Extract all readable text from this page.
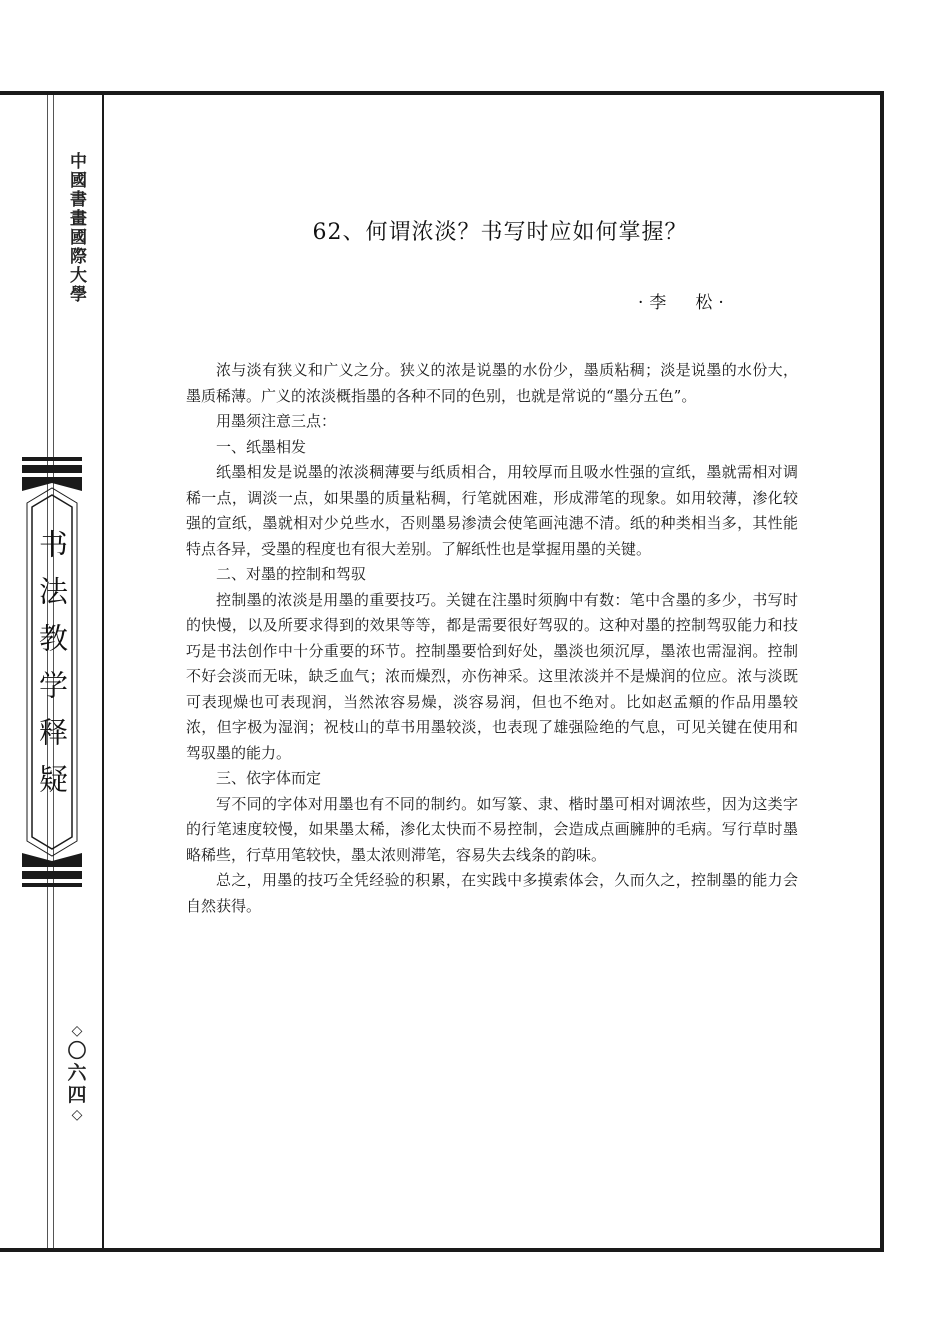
中國書畫國際大學
书法教学释疑
◇
〇
六
四
◇
62、何谓浓淡？书写时应如何掌握？
·李　松·

浓与淡有狭义和广义之分。狭义的浓是说墨的水份少，墨质粘稠；淡是说墨的水份大，墨质稀薄。广义的浓淡概指墨的各种不同的色别，也就是常说的“墨分五色”。

用墨须注意三点：

一、纸墨相发

纸墨相发是说墨的浓淡稠薄要与纸质相合，用较厚而且吸水性强的宣纸，墨就需相对调稀一点，调淡一点，如果墨的质量粘稠，行笔就困难，形成滞笔的现象。如用较薄，渗化较强的宣纸，墨就相对少兑些水，否则墨易渗渍会使笔画沌漶不清。纸的种类相当多，其性能特点各异，受墨的程度也有很大差别。了解纸性也是掌握用墨的关键。

二、对墨的控制和驾驭

控制墨的浓淡是用墨的重要技巧。关键在注墨时须胸中有数：笔中含墨的多少，书写时的快慢，以及所要求得到的效果等等，都是需要很好驾驭的。这种对墨的控制驾驭能力和技巧是书法创作中十分重要的环节。控制墨要恰到好处，墨淡也须沉厚，墨浓也需湿润。控制不好会淡而无味，缺乏血气；浓而燥烈，亦伤神采。这里浓淡并不是燥润的位应。浓与淡既可表现燥也可表现润，当然浓容易燥，淡容易润，但也不绝对。比如赵孟頫的作品用墨较浓，但字极为湿润；祝枝山的草书用墨较淡，也表现了雄强险绝的气息，可见关键在使用和驾驭墨的能力。

三、依字体而定

写不同的字体对用墨也有不同的制约。如写篆、隶、楷时墨可相对调浓些，因为这类字的行笔速度较慢，如果墨太稀，渗化太快而不易控制，会造成点画臃肿的毛病。写行草时墨略稀些，行草用笔较快，墨太浓则滞笔，容易失去线条的韵味。

总之，用墨的技巧全凭经验的积累，在实践中多摸索体会，久而久之，控制墨的能力会自然获得。
